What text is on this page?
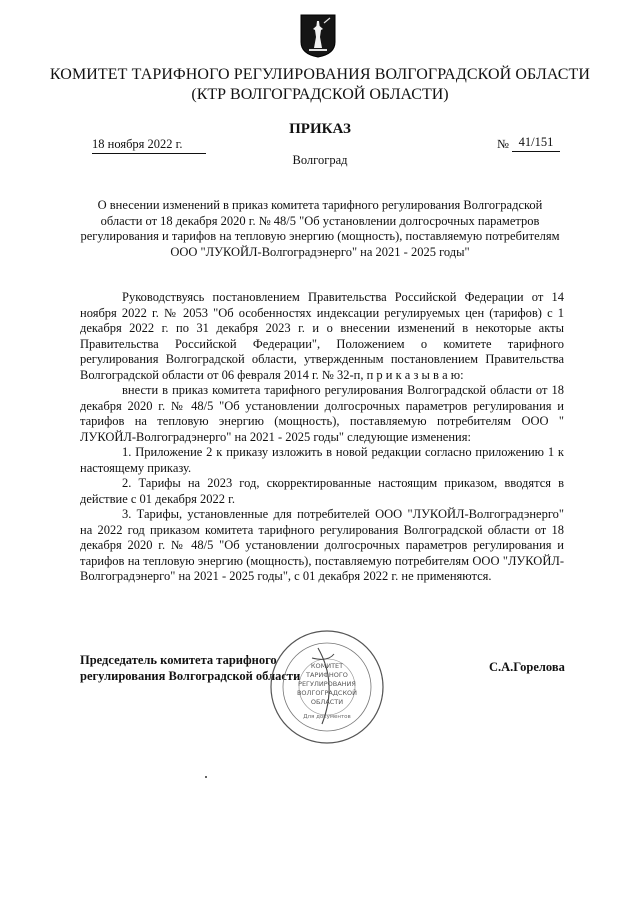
КОМИТЕТ ТАРИФНОГО РЕГУЛИРОВАНИЯ ВОЛГОГРАДСКОЙ ОБЛАСТИ
(КТР ВОЛГОГРАДСКОЙ ОБЛАСТИ)
ПРИКАЗ
18 ноября 2022 г.	№ 41/151
Волгоград
О внесении изменений в приказ комитета тарифного регулирования Волгоградской области от 18 декабря 2020 г. № 48/5 "Об установлении долгосрочных параметров регулирования и тарифов на тепловую энергию (мощность), поставляемую потребителям ООО "ЛУКОЙЛ-Волгоградэнерго" на 2021 - 2025 годы"

Руководствуясь постановлением Правительства Российской Федерации от 14 ноября 2022 г. № 2053 "Об особенностях индексации регулируемых цен (тарифов) с 1 декабря 2022 г. по 31 декабря 2023 г. и о внесении изменений в некоторые акты Правительства Российской Федерации", Положением о комитете тарифного регулирования Волгоградской области, утвержденным постановлением Правительства Волгоградской области от 06 февраля 2014 г. № 32-п, п р и к а з ы в а ю:

внести в приказ комитета тарифного регулирования Волгоградской области от 18 декабря 2020 г. № 48/5 "Об установлении долгосрочных параметров регулирования и тарифов на тепловую энергию (мощность), поставляемую потребителям ООО " ЛУКОЙЛ-Волгоградэнерго" на 2021 - 2025 годы" следующие изменения:

1. Приложение 2 к приказу изложить в новой редакции согласно приложению 1 к настоящему приказу.

2. Тарифы на 2023 год, скорректированные настоящим приказом, вводятся в действие с 01 декабря 2022 г.

3. Тарифы, установленные для потребителей ООО "ЛУКОЙЛ-Волгоградэнерго" на 2022 год приказом комитета тарифного регулирования Волгоградской области от 18 декабря 2020 г. № 48/5 "Об установлении долгосрочных параметров регулирования и тарифов на тепловую энергию (мощность), поставляемую потребителям ООО "ЛУКОЙЛ-Волгоградэнерго" на 2021 - 2025 годы", с 01 декабря 2022 г. не применяются.

Председатель комитета тарифного
регулирования Волгоградской области
КОМИТЕТ
ТАРИФНОГО
РЕГУЛИРОВАНИЯ
ВОЛГОГРАДСКОЙ
ОБЛАСТИ
Для документов
С.А.Горелова
